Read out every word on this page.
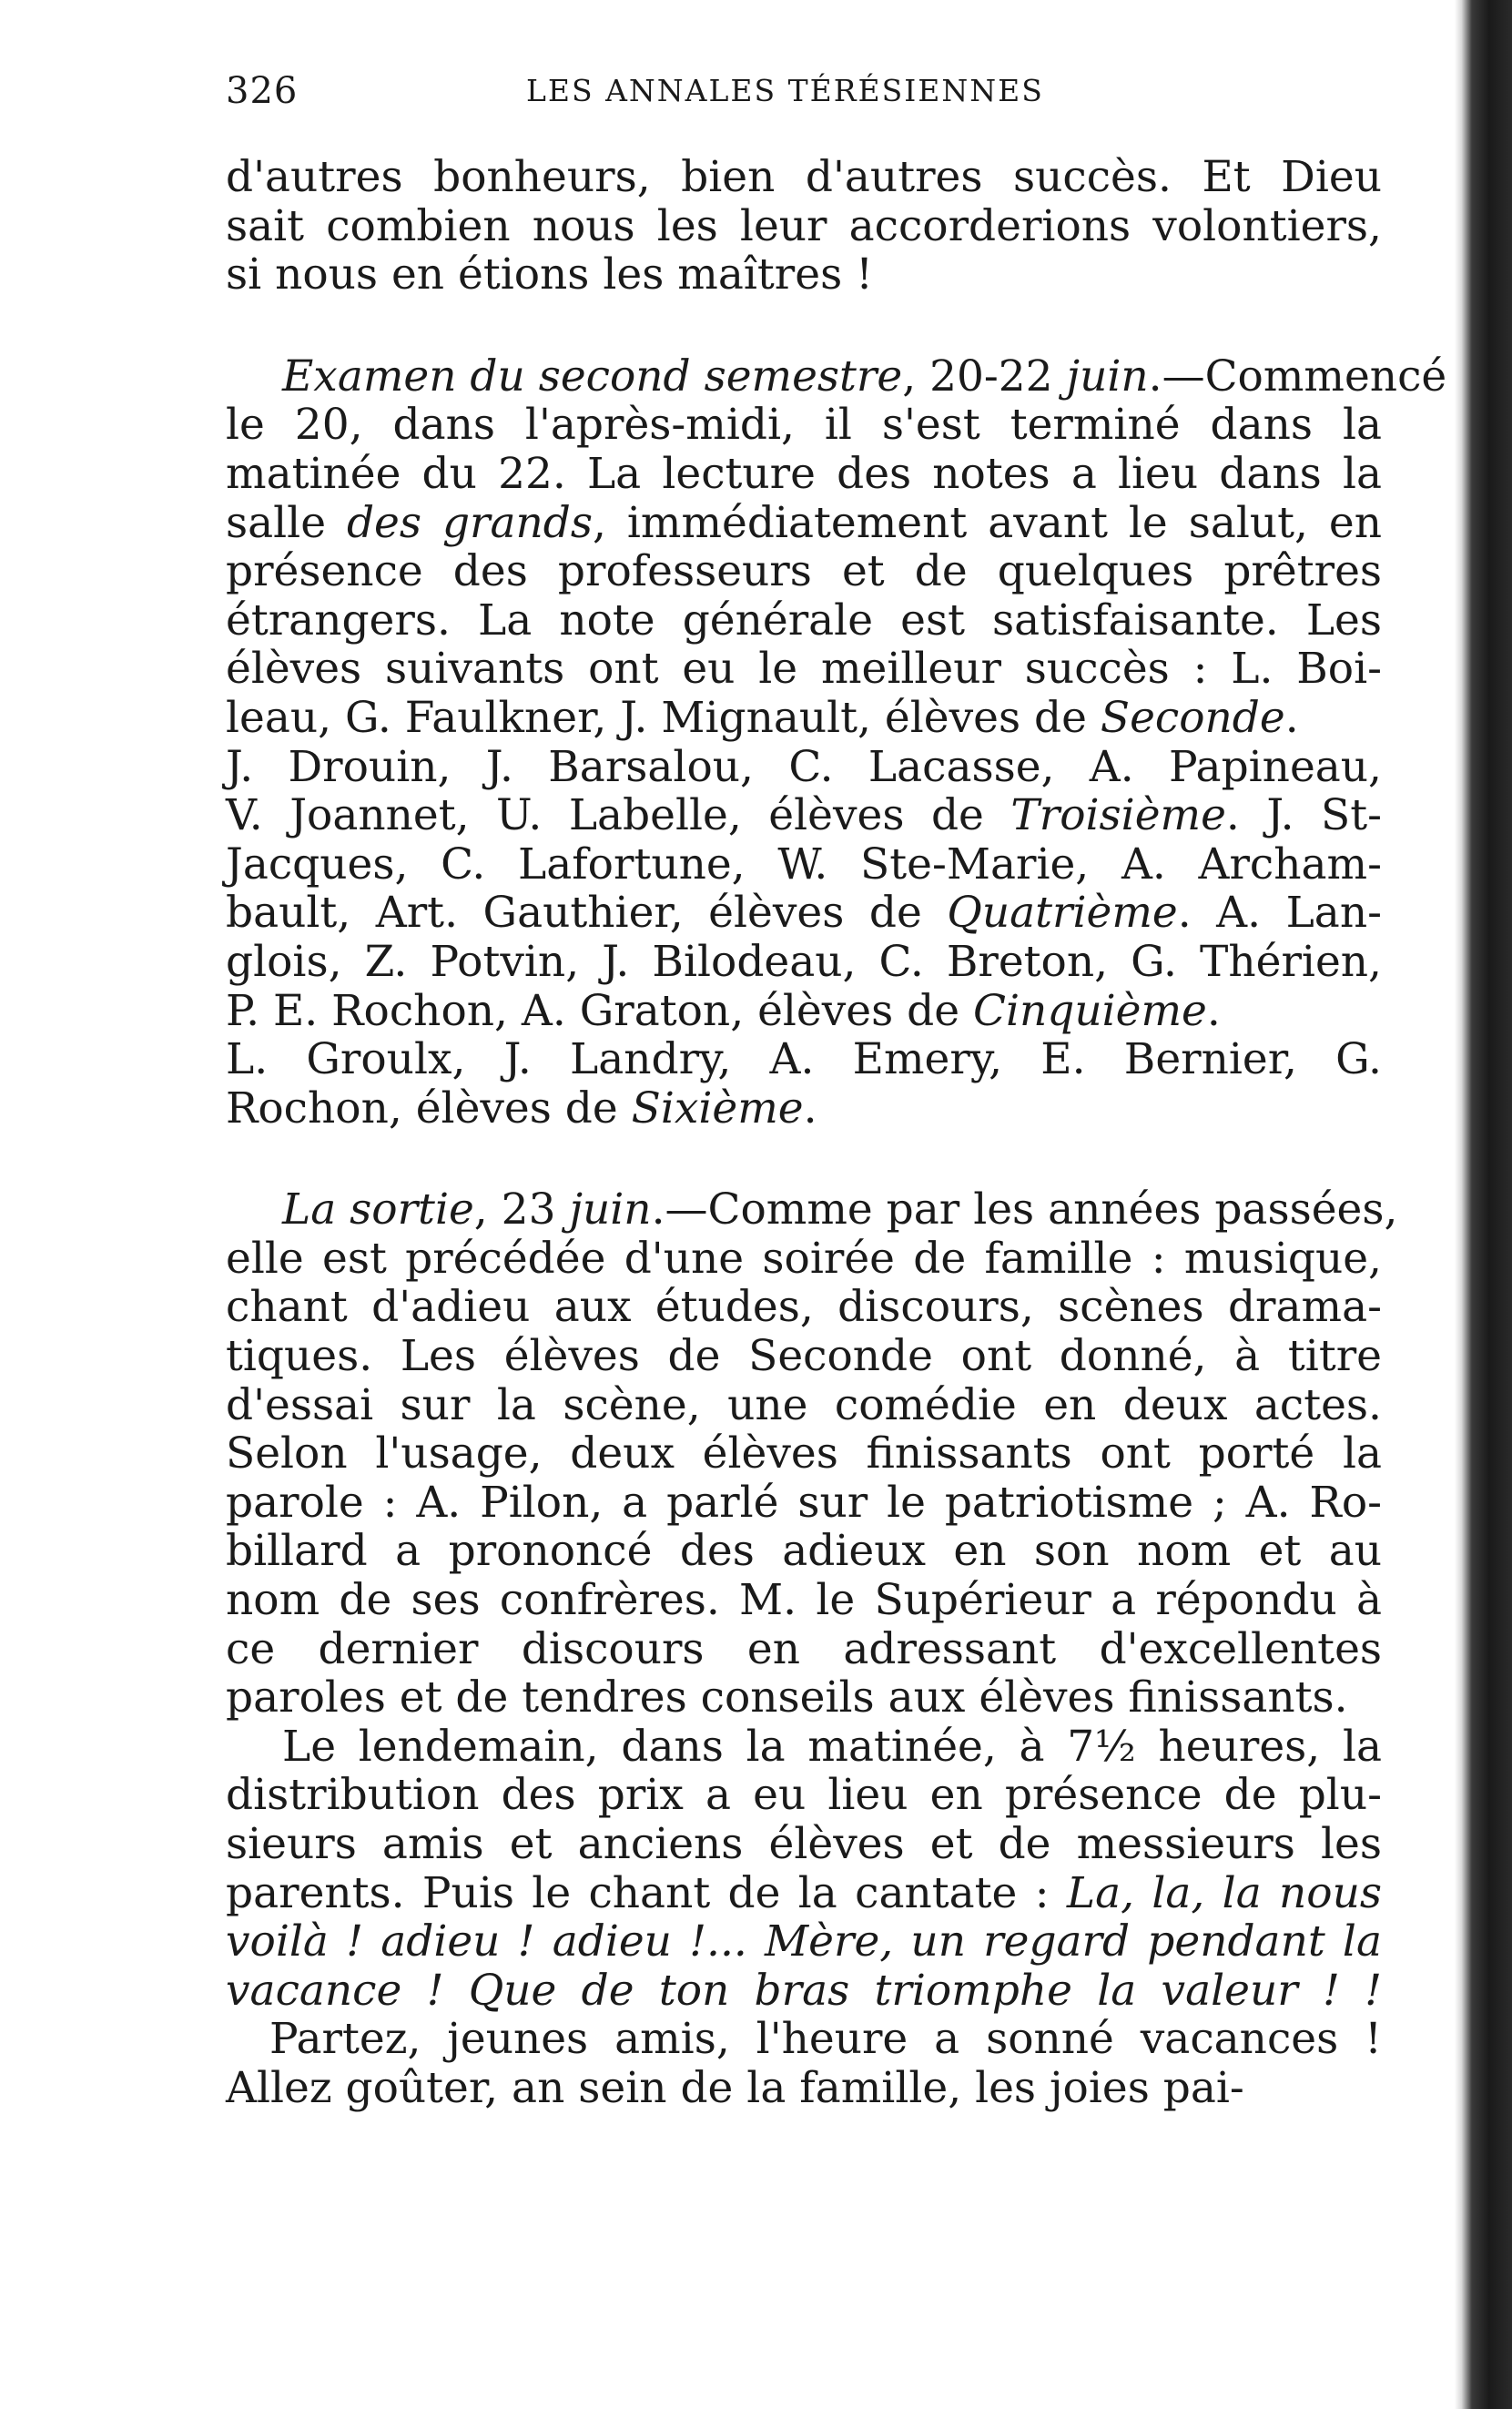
326	LES ANNALES TÉRÉSIENNES
d'autres bonheurs, bien d'autres succès. Et Dieu
sait combien nous les leur accorderions volontiers,
si nous en étions les maîtres !
Examen du second semestre, 20-22 juin.—Commencé
le 20, dans l'après-midi, il s'est terminé dans la
matinée du 22. La lecture des notes a lieu dans la
salle des grands, immédiatement avant le salut, en
présence des professeurs et de quelques prêtres
étrangers. La note générale est satisfaisante. Les
élèves suivants ont eu le meilleur succès : L. Boi-
leau, G. Faulkner, J. Mignault, élèves de Seconde.
J. Drouin, J. Barsalou, C. Lacasse, A. Papineau,
V. Joannet, U. Labelle, élèves de Troisième. J. St-
Jacques, C. Lafortune, W. Ste-Marie, A. Archam-
bault, Art. Gauthier, élèves de Quatrième. A. Lan-
glois, Z. Potvin, J. Bilodeau, C. Breton, G. Thérien,
P. E. Rochon, A. Graton, élèves de Cinquième.
L. Groulx, J. Landry, A. Emery, E. Bernier, G.
Rochon, élèves de Sixième.
La sortie, 23 juin.—Comme par les années passées,
elle est précédée d'une soirée de famille : musique,
chant d'adieu aux études, discours, scènes drama-
tiques. Les élèves de Seconde ont donné, à titre
d'essai sur la scène, une comédie en deux actes.
Selon l'usage, deux élèves finissants ont porté la
parole : A. Pilon, a parlé sur le patriotisme ; A. Ro-
billard a prononcé des adieux en son nom et au
nom de ses confrères. M. le Supérieur a répondu à
ce dernier discours en adressant d'excellentes
paroles et de tendres conseils aux élèves finissants.
Le lendemain, dans la matinée, à 7½ heures, la
distribution des prix a eu lieu en présence de plu-
sieurs amis et anciens élèves et de messieurs les
parents. Puis le chant de la cantate : La, la, la nous
voilà ! adieu ! adieu !... Mère, un regard pendant la
vacance ! Que de ton bras triomphe la valeur ! !
Partez, jeunes amis, l'heure a sonné vacances !
Allez goûter, an sein de la famille, les joies pai-
